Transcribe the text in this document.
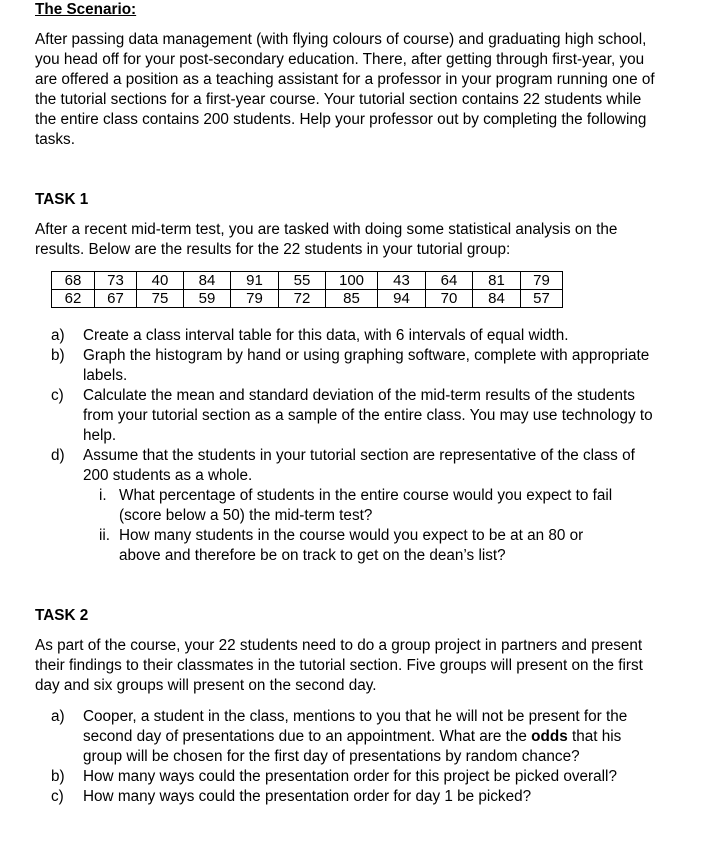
The Scenario:

After passing data management (with flying colours of course) and graduating high school, you head off for your post-secondary education. There, after getting through first-year, you are offered a position as a teaching assistant for a professor in your program running one of the tutorial sections for a first-year course. Your tutorial section contains 22 students while the entire class contains 200 students. Help your professor out by completing the following tasks.

TASK 1

After a recent mid-term test, you are tasked with doing some statistical analysis on the results. Below are the results for the 22 students in your tutorial group:

68	73	40	84	91	55	100	43	64	81	79
62	67	75	59	79	72	85	94	70	84	57
a) Create a class interval table for this data, with 6 intervals of equal width.
b) Graph the histogram by hand or using graphing software, complete with appropriate labels.
c) Calculate the mean and standard deviation of the mid-term results of the students from your tutorial section as a sample of the entire class. You may use technology to help.
d) Assume that the students in your tutorial section are representative of the class of 200 students as a whole.
i. What percentage of students in the entire course would you expect to fail (score below a 50) the mid-term test?
ii. How many students in the course would you expect to be at an 80 or above and therefore be on track to get on the dean’s list?

TASK 2

As part of the course, your 22 students need to do a group project in partners and present their findings to their classmates in the tutorial section. Five groups will present on the first day and six groups will present on the second day.

a) Cooper, a student in the class, mentions to you that he will not be present for the second day of presentations due to an appointment. What are the odds that his group will be chosen for the first day of presentations by random chance?
b) How many ways could the presentation order for this project be picked overall?
c) How many ways could the presentation order for day 1 be picked?
